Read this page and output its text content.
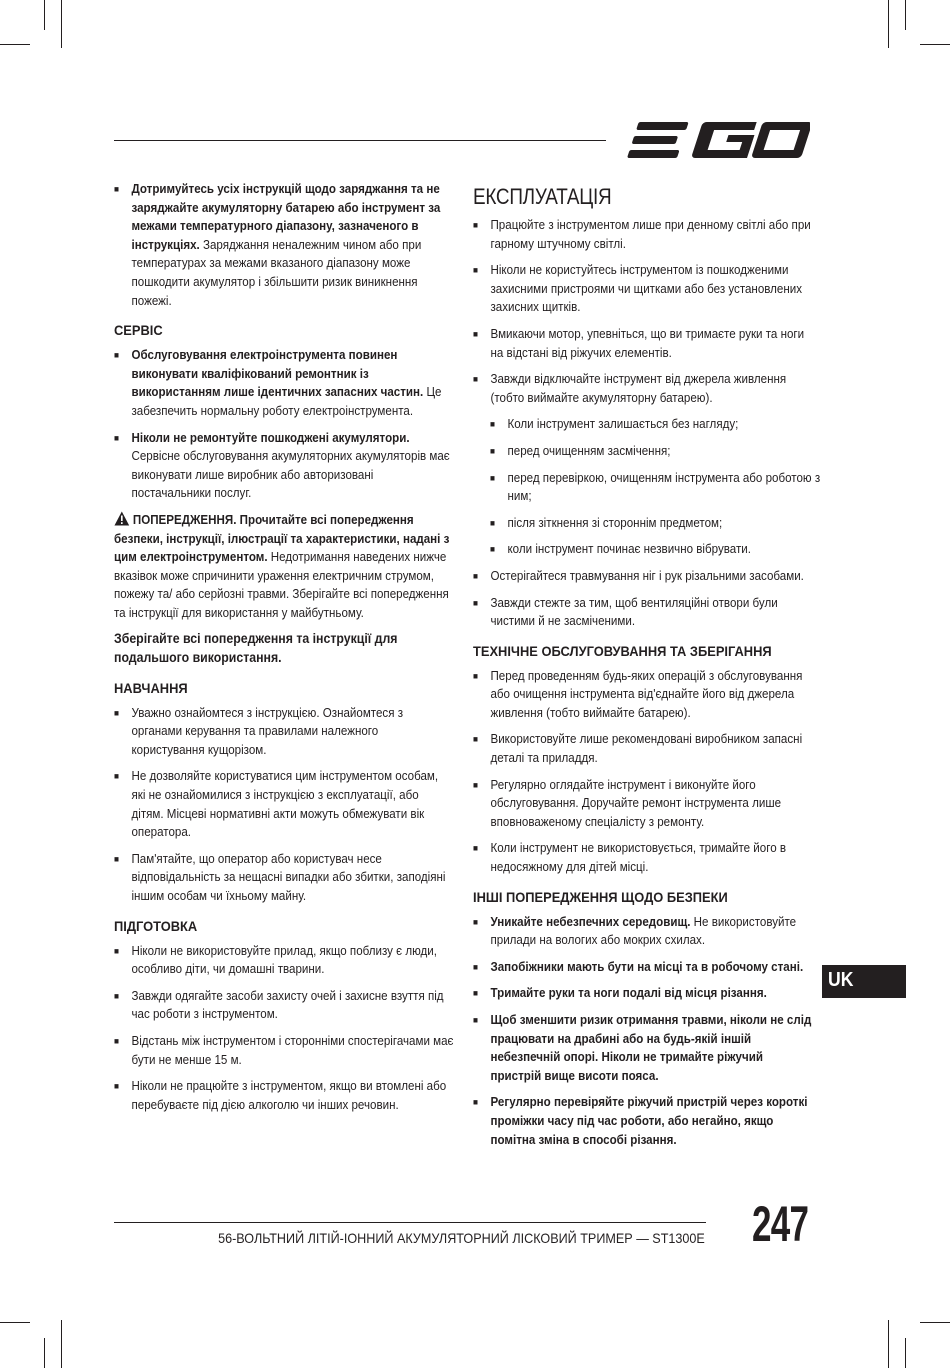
■ Дотримуйтесь усіх інструкцій щодо заряджання та не заряджайте акумуляторну батарею або інструмент за межами температурного діапазону, зазначеного в інструкціях. Заряджання неналежним чином або при температурах за межами вказаного діапазону може пошкодити акумулятор і збільшити ризик виникнення пожежі.
СЕРВІС
■ Обслуговування електроінструмента повинен виконувати кваліфікований ремонтник із використанням лише ідентичних запасних частин. Це забезпечить нормальну роботу електроінструмента.
■ Ніколи не ремонтуйте пошкоджені акумулятори. Сервісне обслуговування акумуляторних акумуляторів має виконувати лише виробник або авторизовані постачальники послуг.
ПОПЕРЕДЖЕННЯ. Прочитайте всі попередження безпеки, інструкції, ілюстрації та характеристики, надані з цим електроінструментом. Недотримання наведених нижче вказівок може спричинити ураження електричним струмом, пожежу та/ або серйозні травми. Зберігайте всі попередження та інструкції для використання у майбутньому.
Зберігайте всі попередження та інструкції для подальшого використання.
НАВЧАННЯ
■ Уважно ознайомтеся з інструкцією. Ознайомтеся з органами керування та правилами належного користування кущорізом.
■ Не дозволяйте користуватися цим інструментом особам, які не ознайомилися з інструкцією з експлуатації, або дітям. Місцеві нормативні акти можуть обмежувати вік оператора.
■ Пам'ятайте, що оператор або користувач несе відповідальність за нещасні випадки або збитки, заподіяні іншим особам чи їхньому майну.
ПІДГОТОВКА
■ Ніколи не використовуйте прилад, якщо поблизу є люди, особливо діти, чи домашні тварини.
■ Завжди одягайте засоби захисту очей і захисне взуття під час роботи з інструментом.
■ Відстань між інструментом і сторонніми спостерігачами має бути не менше 15 м.
■ Ніколи не працюйте з інструментом, якщо ви втомлені або перебуваєте під дією алкоголю чи інших речовин.
ЕКСПЛУАТАЦІЯ
■ Працюйте з інструментом лише при денному світлі або при гарному штучному світлі.
■ Ніколи не користуйтесь інструментом із пошкодженими захисними пристроями чи щитками або без установлених захисних щитків.
■ Вмикаючи мотор, упевніться, що ви тримаєте руки та ноги на відстані від ріжучих елементів.
■ Завжди відключайте інструмент від джерела живлення (тобто виймайте акумуляторну батарею).
■ Коли інструмент залишається без нагляду;
■ перед очищенням засмічення;
■ перед перевіркою, очищенням інструмента або роботою з ним;
■ після зіткнення зі стороннім предметом;
■ коли інструмент починає незвично вібрувати.
■ Остерігайтеся травмування ніг і рук різальними засобами.
■ Завжди стежте за тим, щоб вентиляційні отвори були чистими й не засміченими.
ТЕХНІЧНЕ ОБСЛУГОВУВАННЯ ТА ЗБЕРІГАННЯ
■ Перед проведенням будь-яких операцій з обслуговування або очищення інструмента від'єднайте його від джерела живлення (тобто виймайте батарею).
■ Використовуйте лише рекомендовані виробником запасні деталі та приладдя.
■ Регулярно оглядайте інструмент і виконуйте його обслуговування. Доручайте ремонт інструмента лише вповноваженому спеціалісту з ремонту.
■ Коли інструмент не використовується, тримайте його в недосяжному для дітей місці.
ІНШІ ПОПЕРЕДЖЕННЯ ЩОДО БЕЗПЕКИ
■ Уникайте небезпечних середовищ. Не використовуйте прилади на вологих або мокрих схилах.
■ Запобіжники мають бути на місці та в робочому стані.
■ Тримайте руки та ноги подалі від місця різання.
■ Щоб зменшити ризик отримання травми, ніколи не слід працювати на драбині або на будь-якій іншій небезпечній опорі. Ніколи не тримайте ріжучий пристрій вище висоти пояса.
■ Регулярно перевіряйте ріжучий пристрій через короткі проміжки часу під час роботи, або негайно, якщо помітна зміна в способі різання.
UK
56-ВОЛЬТНИЙ ЛІТІЙ-ІОННИЙ АКУМУЛЯТОРНИЙ ЛІСКОВИЙ ТРИМЕР — ST1300E 247
